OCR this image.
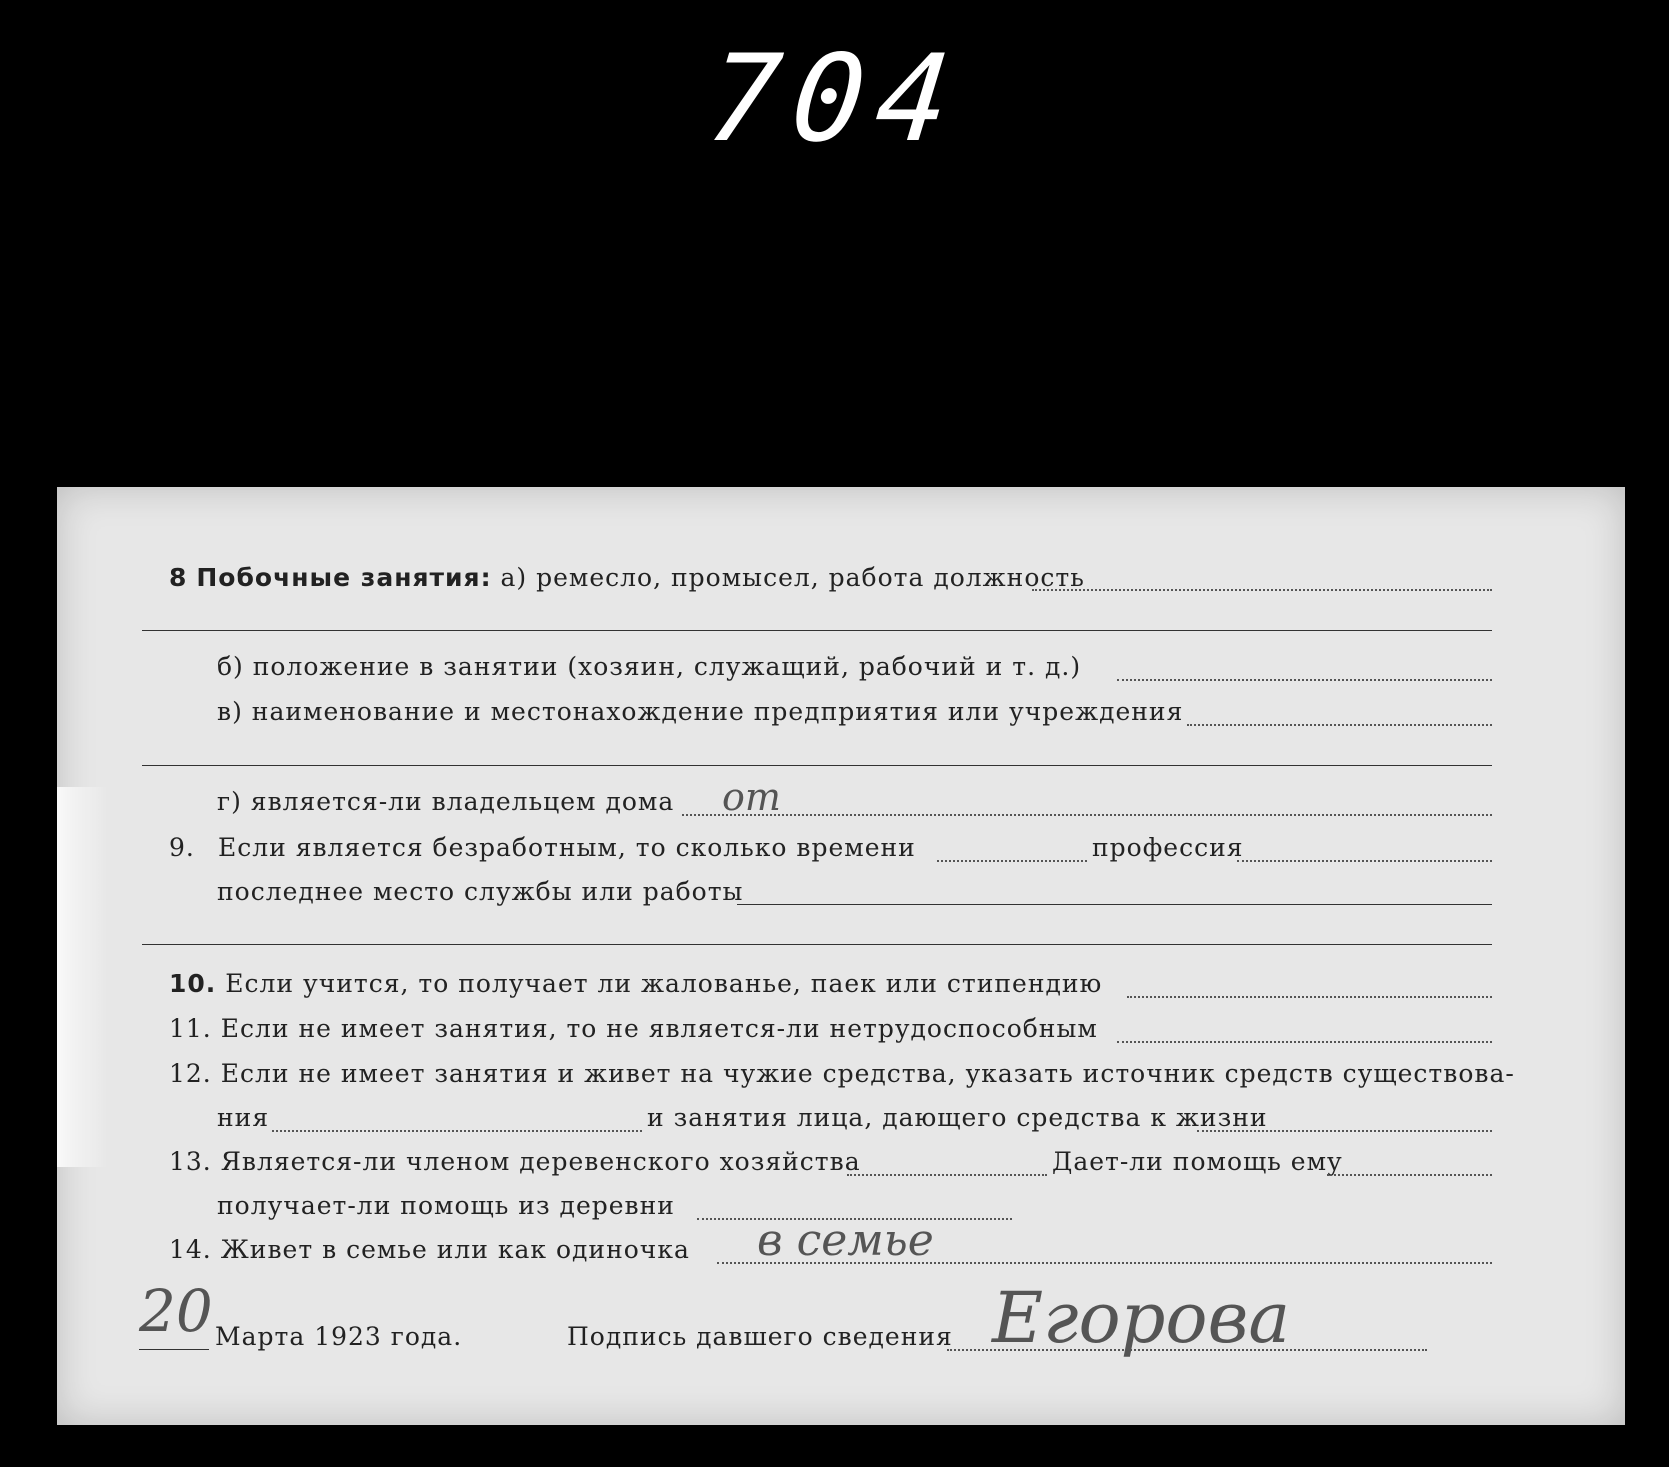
704
8 Побочные занятия: а) ремесло, промысел, работа должность
б) положение в занятии (хозяин, служащий, рабочий и т. д.)
в) наименование и местонахождение предприятия или учреждения
г) является-ли владельцем дома от
9. Если является безработным, то сколько времени	профессия
последнее место службы или работы
10. Если учится, то получает ли жалованье, паек или стипендию
11. Если не имеет занятия, то не является-ли нетрудоспособным
12. Если не имеет занятия и живет на чужие средства, указать источник средств существова-
ния	и занятия лица, дающего средства к жизни
13. Является-ли членом деревенского хозяйства	Дает-ли помощь ему
получает-ли помощь из деревни
14. Живет в семье или как одиночка в семье
20 Марта 1923 года.	Подпись давшего сведения Егорова
